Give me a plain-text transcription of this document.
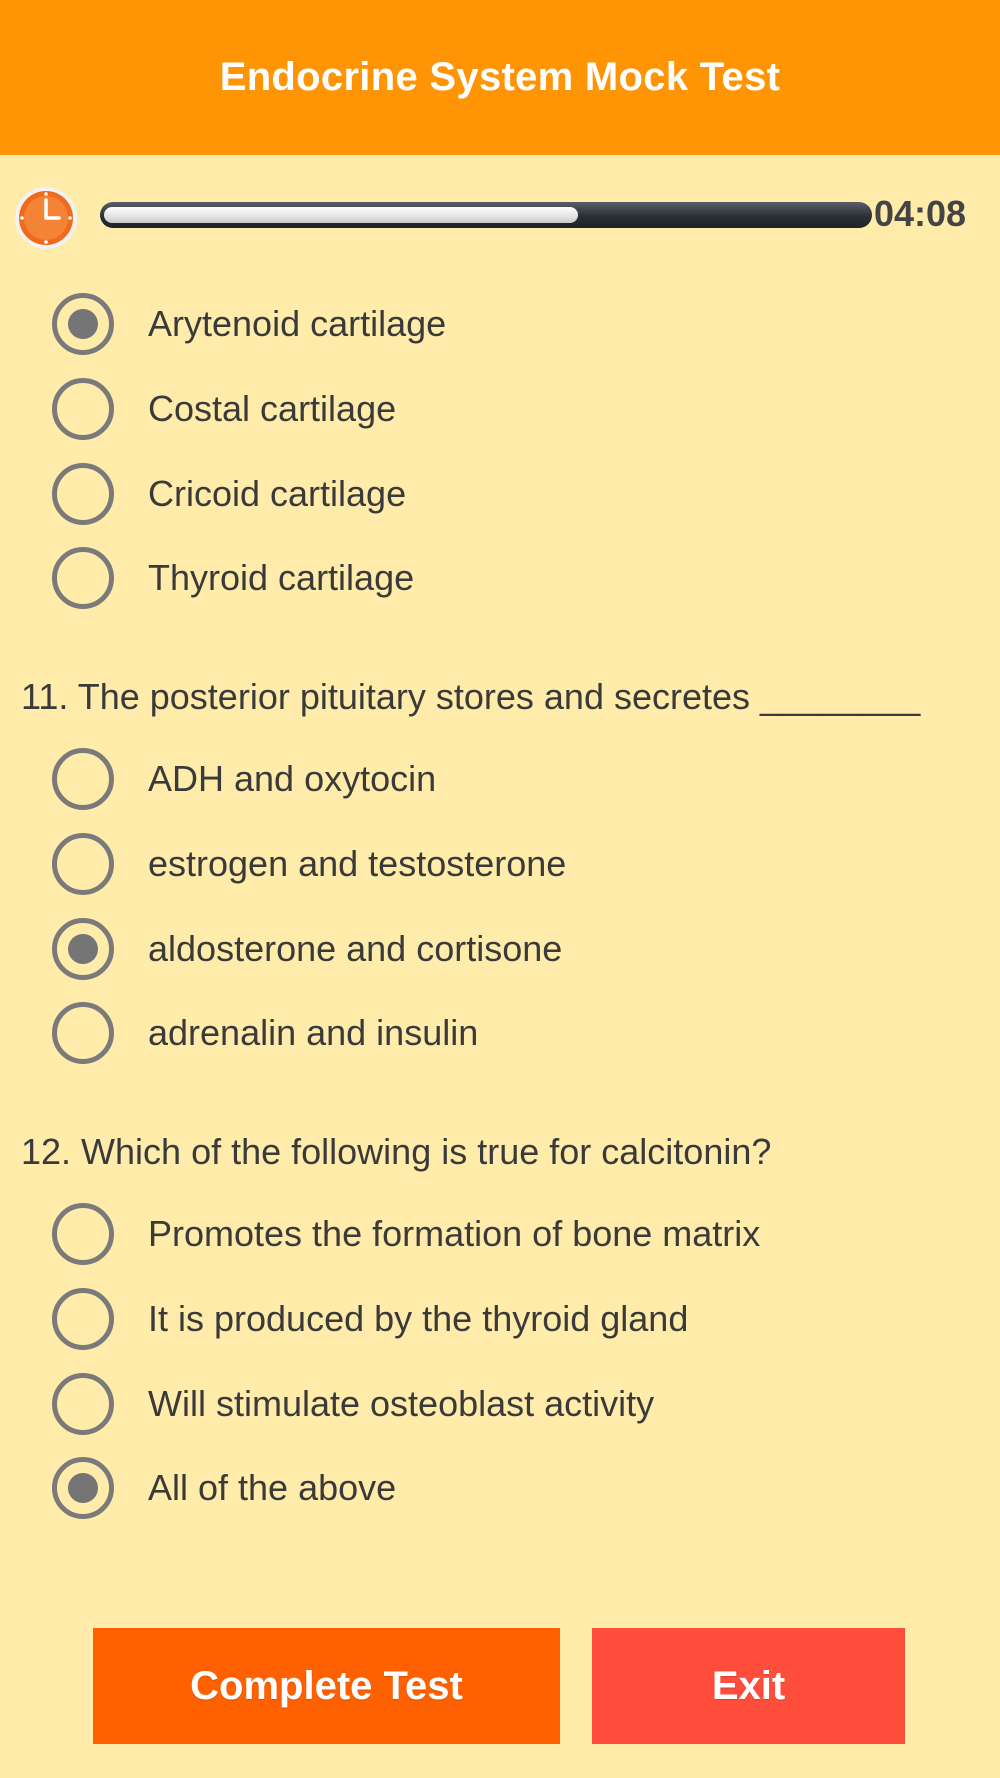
Endocrine System Mock Test
04:08
Arytenoid cartilage
Costal cartilage
Cricoid cartilage
Thyroid cartilage
11. The posterior pituitary stores and secretes ________
ADH and oxytocin
estrogen and testosterone
aldosterone and cortisone
adrenalin and insulin
12. Which of the following is true for calcitonin?
Promotes the formation of bone matrix
It is produced by the thyroid gland
Will stimulate osteoblast activity
All of the above
Complete Test	Exit
